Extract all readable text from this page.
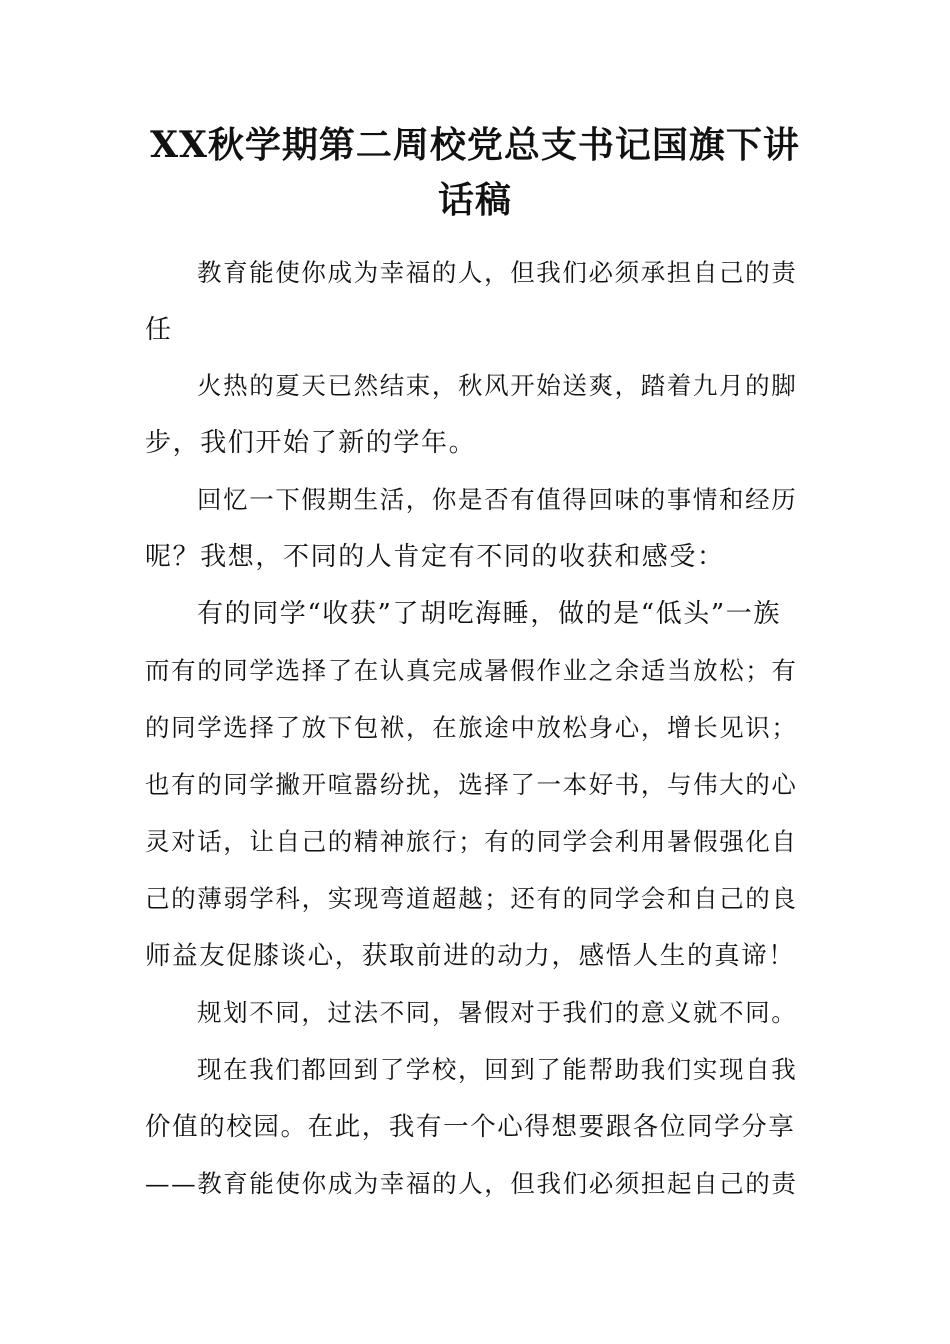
XX秋学期第二周校党总支书记国旗下讲
话稿
教育能使你成为幸福的人，但我们必须承担自己的责
任
火热的夏天已然结束，秋风开始送爽，踏着九月的脚
步，我们开始了新的学年。
回忆一下假期生活，你是否有值得回味的事情和经历
呢？我想，不同的人肯定有不同的收获和感受：
有的同学“收获”了胡吃海睡，做的是“低头”一族
而有的同学选择了在认真完成暑假作业之余适当放松；有
的同学选择了放下包袱，在旅途中放松身心，增长见识；
也有的同学撇开喧嚣纷扰，选择了一本好书，与伟大的心
灵对话，让自己的精神旅行；有的同学会利用暑假强化自
己的薄弱学科，实现弯道超越；还有的同学会和自己的良
师益友促膝谈心，获取前进的动力，感悟人生的真谛！
规划不同，过法不同，暑假对于我们的意义就不同。
现在我们都回到了学校，回到了能帮助我们实现自我
价值的校园。在此，我有一个心得想要跟各位同学分享
——教育能使你成为幸福的人，但我们必须担起自己的责
